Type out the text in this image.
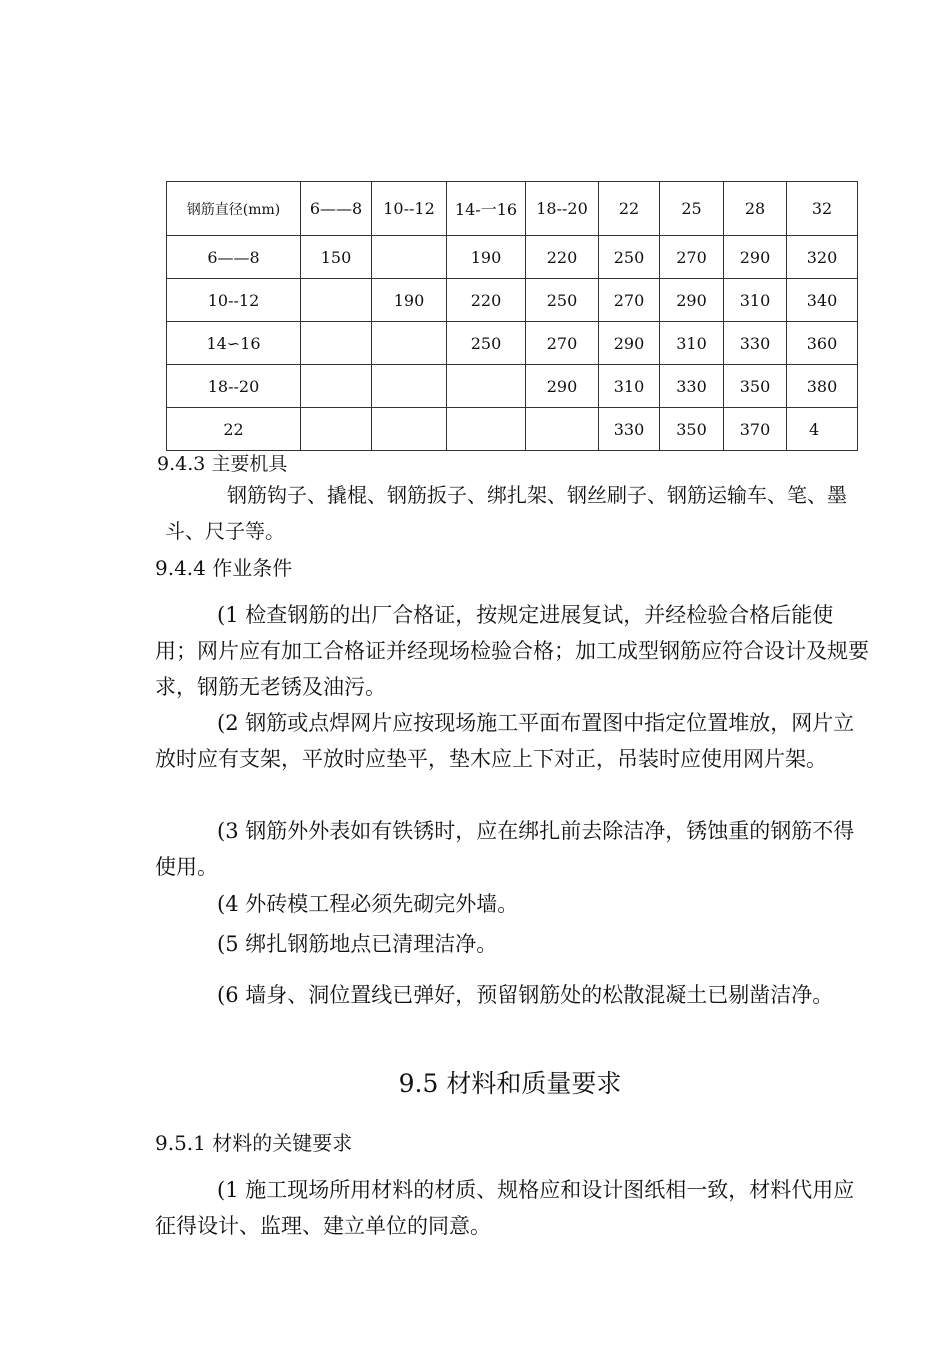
钢筋直径(mm)	6——8	10--12	14-一16	18--20	22	25	28	32
6——8	150		190	220	250	270	290	320
10--12		190	220	250	270	290	310	340
14∽16			250	270	290	310	330	360
18--20				290	310	330	350	380
22					330	350	370	4
9.4.3 主要机具
钢筋钩子、撬棍、钢筋扳子、绑扎架、钢丝刷子、钢筋运输车、笔、墨斗、尺子等。
9.4.4 作业条件
(1 检查钢筋的出厂合格证，按规定进展复试，并经检验合格后能使用；网片应有加工合格证并经现场检验合格；加工成型钢筋应符合设计及规要求，钢筋无老锈及油污。
(2 钢筋或点焊网片应按现场施工平面布置图中指定位置堆放，网片立放时应有支架，平放时应垫平，垫木应上下对正，吊装时应使用网片架。
(3 钢筋外外表如有铁锈时，应在绑扎前去除洁净，锈蚀重的钢筋不得使用。
(4 外砖模工程必须先砌完外墙。
(5 绑扎钢筋地点已清理洁净。
(6 墙身、洞位置线已弹好，预留钢筋处的松散混凝土已剔凿洁净。
9.5 材料和质量要求
9.5.1 材料的关键要求
(1 施工现场所用材料的材质、规格应和设计图纸相一致，材料代用应征得设计、监理、建立单位的同意。
